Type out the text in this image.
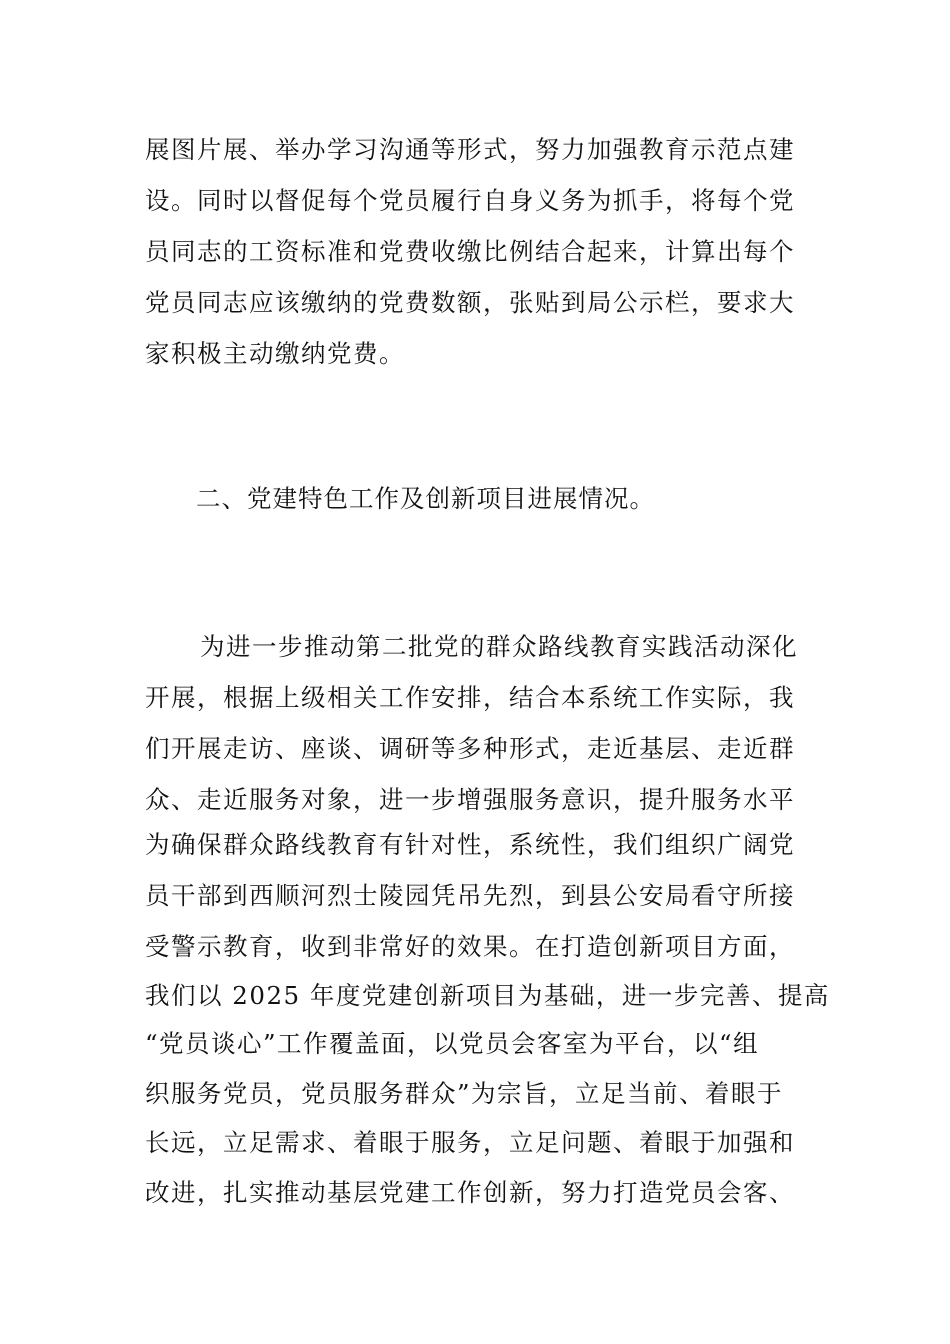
展图片展、举办学习沟通等形式，努力加强教育示范点建
设。同时以督促每个党员履行自身义务为抓手，将每个党
员同志的工资标准和党费收缴比例结合起来，计算出每个
党员同志应该缴纳的党费数额，张贴到局公示栏，要求大
家积极主动缴纳党费。
二、党建特色工作及创新项目进展情况。
为进一步推动第二批党的群众路线教育实践活动深化
开展，根据上级相关工作安排，结合本系统工作实际，我
们开展走访、座谈、调研等多种形式，走近基层、走近群
众、走近服务对象，进一步增强服务意识，提升服务水平
为确保群众路线教育有针对性，系统性，我们组织广阔党
员干部到西顺河烈士陵园凭吊先烈，到县公安局看守所接
受警示教育，收到非常好的效果。在打造创新项目方面，
我们以 2025 年度党建创新项目为基础，进一步完善、提高
“党员谈心”工作覆盖面，以党员会客室为平台，以“组
织服务党员，党员服务群众”为宗旨，立足当前、着眼于
长远，立足需求、着眼于服务，立足问题、着眼于加强和
改进，扎实推动基层党建工作创新，努力打造党员会客、
